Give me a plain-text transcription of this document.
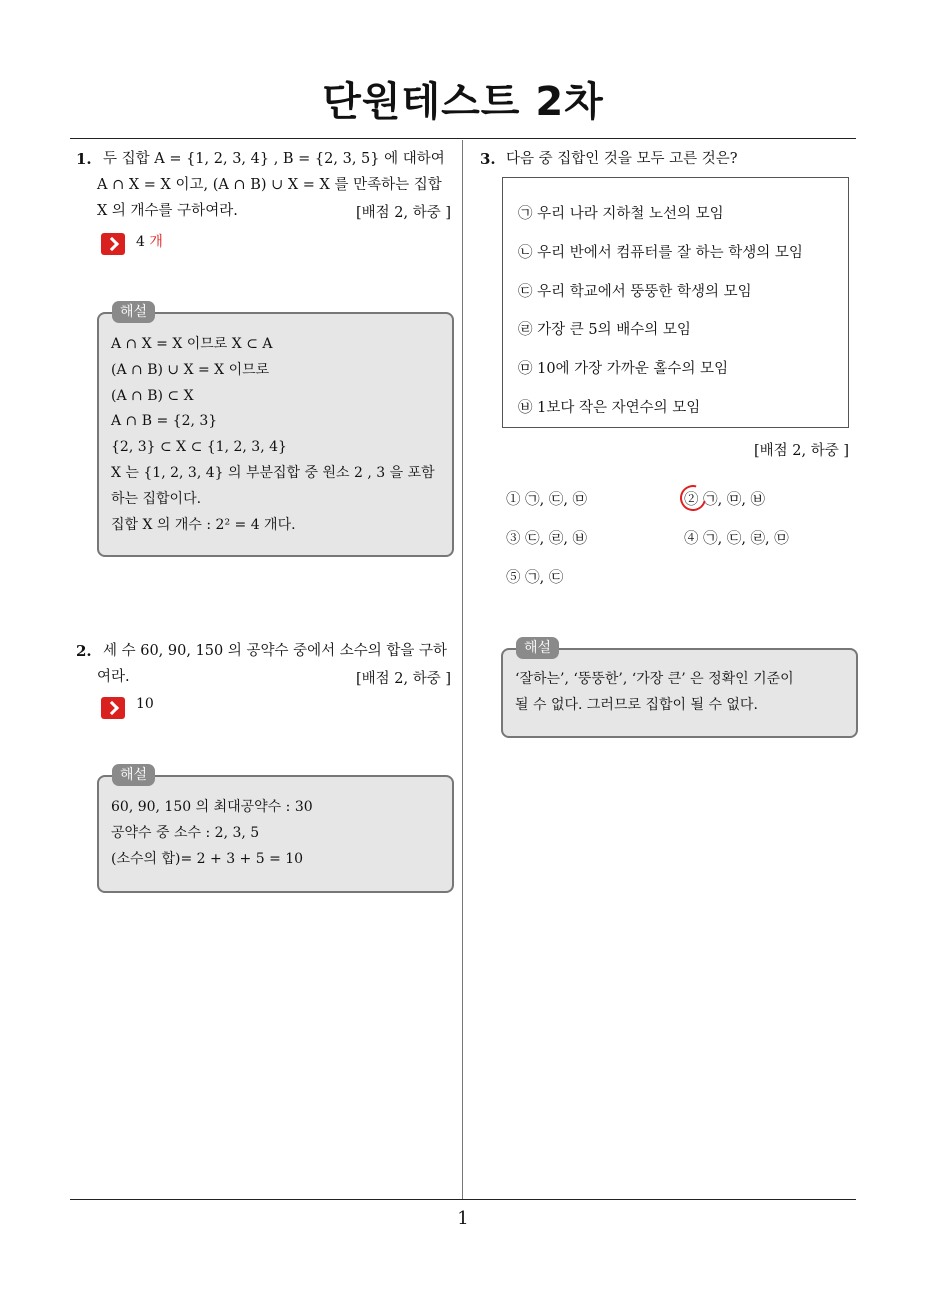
단원테스트 2차
1
1. 두 집합 A = {1, 2, 3, 4} , B = {2, 3, 5} 에 대하여
A ∩ X = X 이고, (A ∩ B) ∪ X = X 를 만족하는 집합
X 의 개수를 구하여라.	[배점 2, 하중 ]
4 개
해설
A ∩ X = X 이므로 X ⊂ A
(A ∩ B) ∪ X = X 이므로
(A ∩ B) ⊂ X
A ∩ B = {2, 3}
{2, 3} ⊂ X ⊂ {1, 2, 3, 4}
X 는 {1, 2, 3, 4} 의 부분집합 중 원소 2 , 3 을 포함
하는 집합이다.
집합 X 의 개수 : 2² = 4 개다.
2. 세 수 60, 90, 150 의 공약수 중에서 소수의 합을 구하
여라.	[배점 2, 하중 ]
10
해설
60, 90, 150 의 최대공약수 : 30
공약수 중 소수 : 2, 3, 5
(소수의 합)= 2 + 3 + 5 = 10
3. 다음 중 집합인 것을 모두 고른 것은?
㉠ 우리 나라 지하철 노선의 모임
㉡ 우리 반에서 컴퓨터를 잘 하는 학생의 모임
㉢ 우리 학교에서 뚱뚱한 학생의 모임
㉣ 가장 큰 5의 배수의 모임
㉤ 10에 가장 가까운 홀수의 모임
㉥ 1보다 작은 자연수의 모임
[배점 2, 하중 ]
① ㉠, ㉢, ㉤	② ㉠, ㉤, ㉥
③ ㉢, ㉣, ㉥	④ ㉠, ㉢, ㉣, ㉤
⑤ ㉠, ㉢
해설
‘잘하는’, ‘뚱뚱한’, ‘가장 큰’ 은 정확인 기준이
될 수 없다. 그러므로 집합이 될 수 없다.
